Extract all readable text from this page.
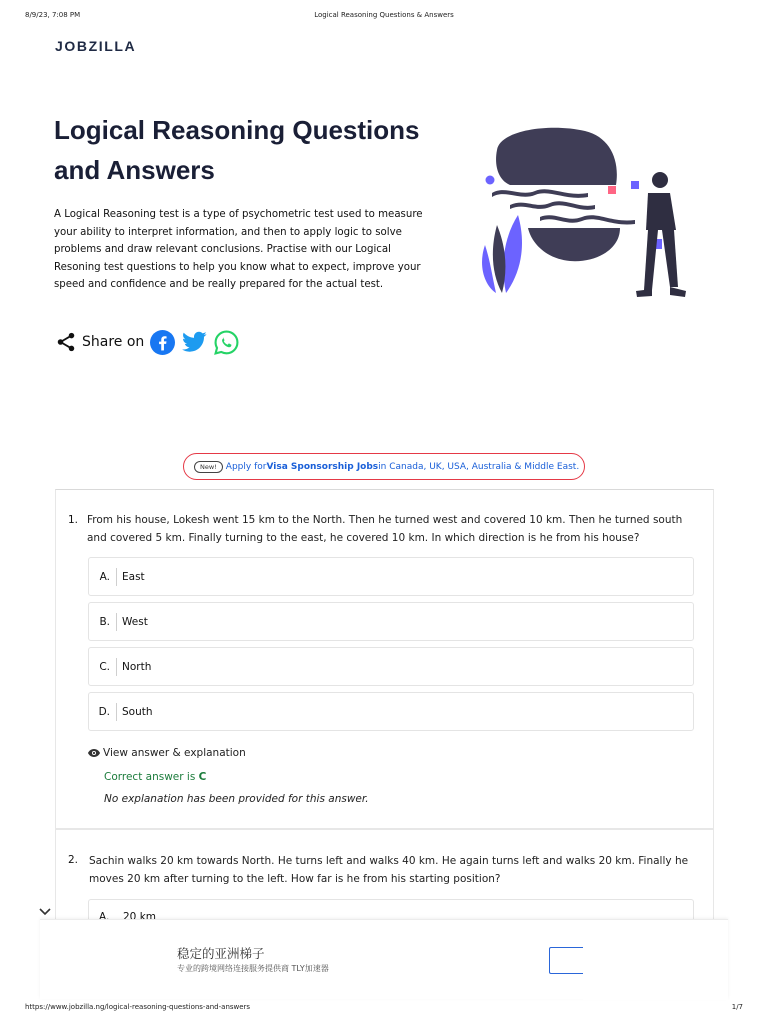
8/9/23, 7:08 PM	Logical Reasoning Questions & Answers
JOBZILLA
Logical Reasoning Questions and Answers

A Logical Reasoning test is a type of psychometric test used to measure your ability to interpret information, and then to apply logic to solve problems and draw relevant conclusions. Practise with our Logical Resoning test questions to help you know what to expect, improve your speed and confidence and be really prepared for the actual test.

Share on
New!	Apply for Visa Sponsorship Jobs in Canada, UK, USA, Australia & Middle East.
1. From his house, Lokesh went 15 km to the North. Then he turned west and covered 10 km. Then he turned south and covered 5 km. Finally turning to the east, he covered 10 km. In which direction is he from his house?

A.	East
B.	West
C.	North
D.	South
View answer & explanation
Correct answer is C
No explanation has been provided for this answer.
2. Sachin walks 20 km towards North. He turns left and walks 40 km. He again turns left and walks 20 km. Finally he moves 20 km after turning to the left. How far is he from his starting position?

A. 20 km
稳定的亚洲梯子
专业的跨境网络连接服务提供商 TLY加速器
https://www.jobzilla.ng/logical-reasoning-questions-and-answers	1/7
